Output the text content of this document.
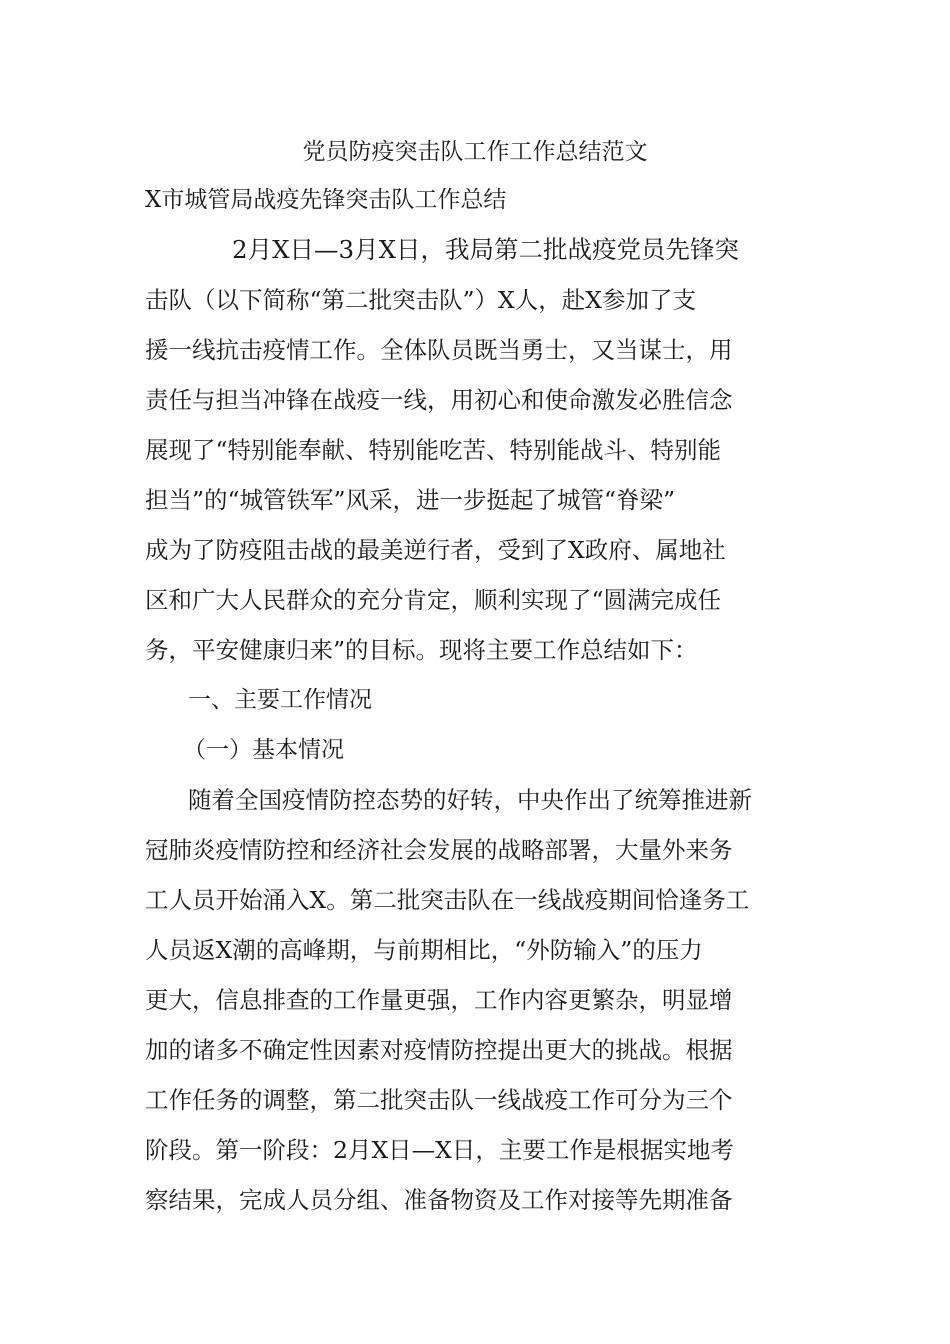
党员防疫突击队工作工作总结范文
X市城管局战疫先锋突击队工作总结
2月X日—3月X日，我局第二批战疫党员先锋突
击队（以下简称“第二批突击队”）X人，赴X参加了支
援一线抗击疫情工作。全体队员既当勇士，又当谋士，用
责任与担当冲锋在战疫一线，用初心和使命激发必胜信念
展现了“特别能奉献、特别能吃苦、特别能战斗、特别能
担当”的“城管铁军”风采，进一步挺起了城管“脊梁”
成为了防疫阻击战的最美逆行者，受到了X政府、属地社
区和广大人民群众的充分肯定，顺利实现了“圆满完成任
务，平安健康归来”的目标。现将主要工作总结如下：
一、主要工作情况
（一）基本情况
随着全国疫情防控态势的好转，中央作出了统筹推进新
冠肺炎疫情防控和经济社会发展的战略部署，大量外来务
工人员开始涌入X。第二批突击队在一线战疫期间恰逢务工
人员返X潮的高峰期，与前期相比，“外防输入”的压力
更大，信息排查的工作量更强，工作内容更繁杂，明显增
加的诸多不确定性因素对疫情防控提出更大的挑战。根据
工作任务的调整，第二批突击队一线战疫工作可分为三个
阶段。第一阶段：2月X日—X日，主要工作是根据实地考
察结果，完成人员分组、准备物资及工作对接等先期准备
